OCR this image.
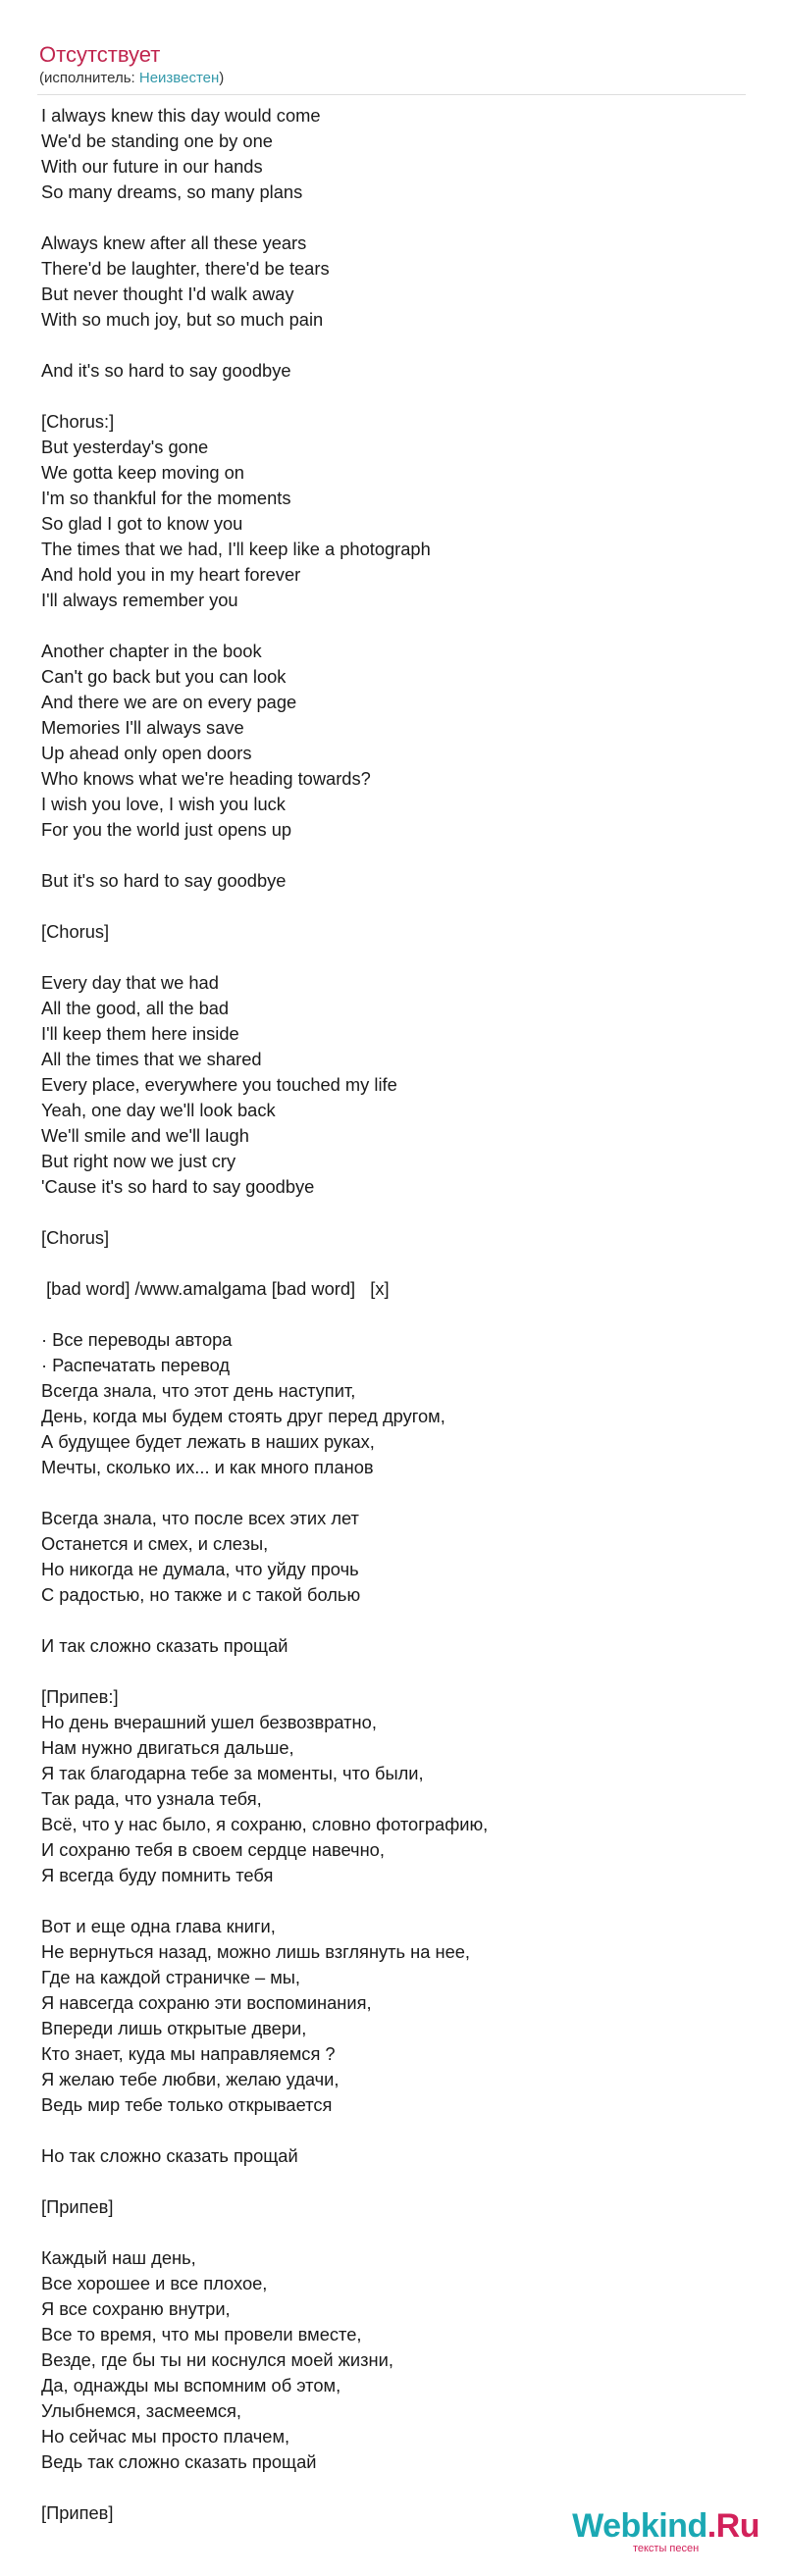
Отсутствует
(исполнитель: Неизвестен)
I always knew this day would come
We'd be standing one by one
With our future in our hands
So many dreams, so many plans
Always knew after all these years
There'd be laughter, there'd be tears
But never thought I'd walk away
With so much joy, but so much pain
And it's so hard to say goodbye
[Chorus:]
But yesterday's gone
We gotta keep moving on
I'm so thankful for the moments
So glad I got to know you
The times that we had, I'll keep like a photograph
And hold you in my heart forever
I'll always remember you
Another chapter in the book
Can't go back but you can look
And there we are on every page
Memories I'll always save
Up ahead only open doors
Who knows what we're heading towards?
I wish you love, I wish you luck
For you the world just opens up
But it's so hard to say goodbye
[Chorus]
Every day that we had
All the good, all the bad
I'll keep them here inside
All the times that we shared
Every place, everywhere you touched my life
Yeah, one day we'll look back
We'll smile and we'll laugh
But right now we just cry
'Cause it's so hard to say goodbye
[Chorus]
[bad word] /www.amalgama [bad word]   [x]
· Все переводы автора
· Распечатать перевод
Всегда знала, что этот день наступит,
День, когда мы будем стоять друг перед другом,
А будущее будет лежать в наших руках,
Мечты, сколько их... и как много планов
Всегда знала, что после всех этих лет
Останется и смех, и слезы,
Но никогда не думала, что уйду прочь
С радостью, но также и с такой болью
И так сложно сказать прощай
[Припев:]
Но день вчерашний ушел безвозвратно,
Нам нужно двигаться дальше,
Я так благодарна тебе за моменты, что были,
Так рада, что узнала тебя,
Всё, что у нас было, я сохраню, словно фотографию,
И сохраню тебя в своем сердце навечно,
Я всегда буду помнить тебя
Вот и еще одна глава книги,
Не вернуться назад, можно лишь взглянуть на нее,
Где на каждой страничке – мы,
Я навсегда сохраню эти воспоминания,
Впереди лишь открытые двери,
Кто знает, куда мы направляемся ?
Я желаю тебе любви, желаю удачи,
Ведь мир тебе только открывается
Но так сложно сказать прощай
[Припев]
Каждый наш день,
Все хорошее и все плохое,
Я все сохраню внутри,
Все то время, что мы провели вместе,
Везде, где бы ты ни коснулся моей жизни,
Да, однажды мы вспомним об этом,
Улыбнемся, засмеемся,
Но сейчас мы просто плачем,
Ведь так сложно сказать прощай
[Припев]	Webkind.Ru
тексты песен
